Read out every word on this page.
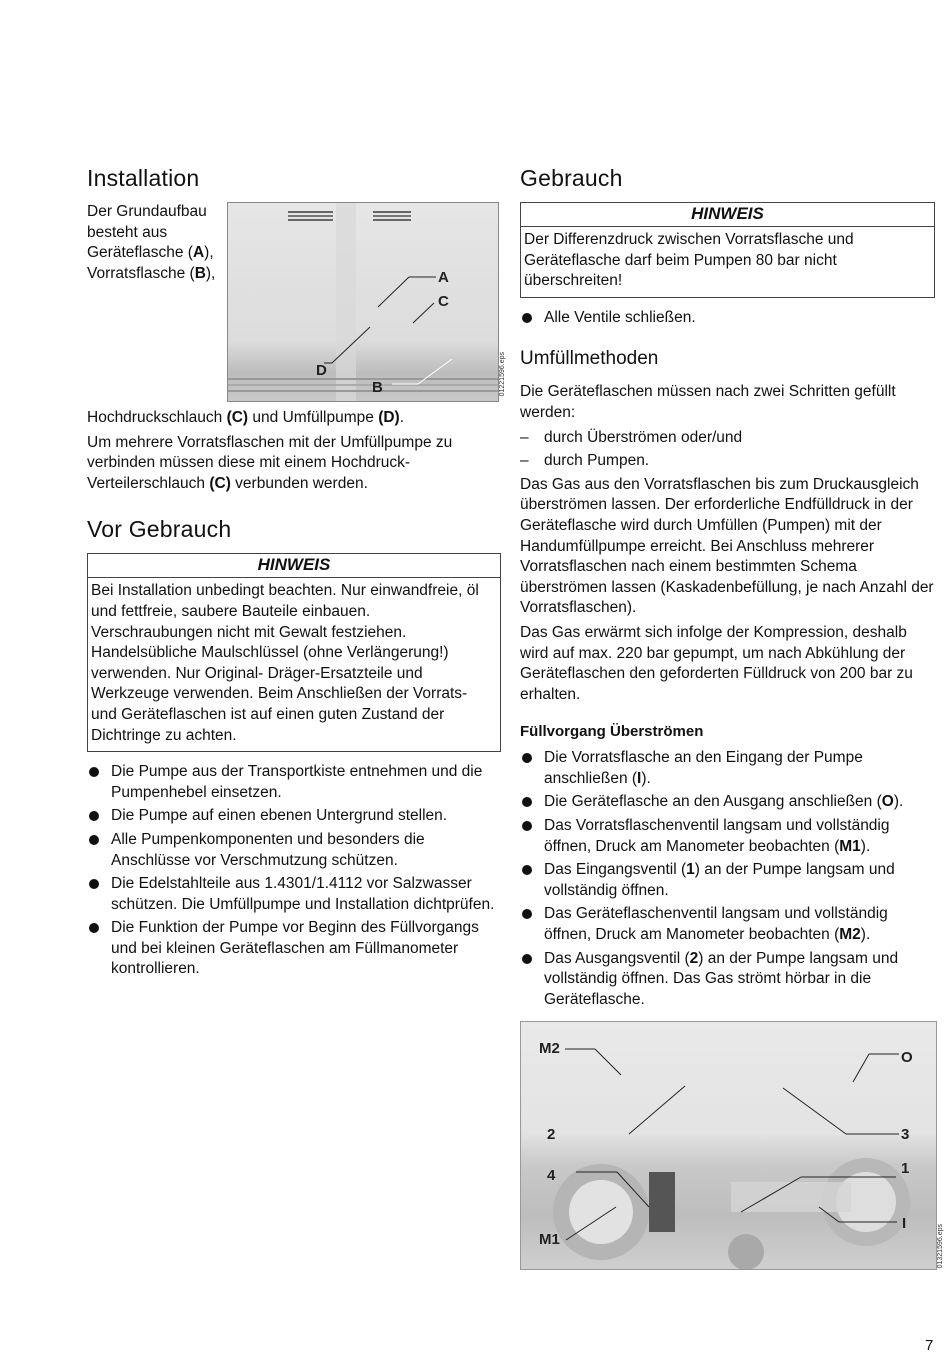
Installation
A
C
D
B	01221596.eps

Der Grundaufbau besteht aus Geräteflasche (A), Vorratsflasche (B), Hochdruckschlauch (C) und Umfüllpumpe (D).

Um mehrere Vorratsflaschen mit der Umfüllpumpe zu verbinden müssen diese mit einem Hochdruck-Verteilerschlauch (C) verbunden werden.

Vor Gebrauch
HINWEIS
Bei Installation unbedingt beachten. Nur einwandfreie, öl und fettfreie, saubere Bauteile einbauen. Verschraubungen nicht mit Gewalt festziehen. Handelsübliche Maulschlüssel (ohne Verlängerung!) verwenden. Nur Original- Dräger-Ersatzteile und Werkzeuge verwenden. Beim Anschließen der Vorrats- und Geräteflaschen ist auf einen guten Zustand der Dichtringe zu achten.
Die Pumpe aus der Transportkiste entnehmen und die Pumpenhebel einsetzen.
Die Pumpe auf einen ebenen Untergrund stellen.
Alle Pumpenkomponenten und besonders die Anschlüsse vor Verschmutzung schützen.
Die Edelstahlteile aus 1.4301/1.4112 vor Salzwasser schützen. Die Umfüllpumpe und Installation dichtprüfen.
Die Funktion der Pumpe vor Beginn des Füllvorgangs und bei kleinen Geräteflaschen am Füllmanometer kontrollieren.
Gebrauch
HINWEIS
Der Differenzdruck zwischen Vorratsflasche und Geräteflasche darf beim Pumpen 80 bar nicht überschreiten!
Alle Ventile schließen.
Umfüllmethoden

Die Geräteflaschen müssen nach zwei Schritten gefüllt werden:

– durch Überströmen oder/und
– durch Pumpen.

Das Gas aus den Vorratsflaschen bis zum Druckausgleich überströmen lassen. Der erforderliche Endfülldruck in der Geräteflasche wird durch Umfüllen (Pumpen) mit der Handumfüllpumpe erreicht. Bei Anschluss mehrerer Vorratsflaschen nach einem bestimmten Schema überströmen lassen (Kaskadenbefüllung, je nach Anzahl der Vorratsflaschen).

Das Gas erwärmt sich infolge der Kompression, deshalb wird auf max. 220 bar gepumpt, um nach Abkühlung der Geräteflaschen den geforderten Fülldruck von 200 bar zu erhalten.

Füllvorgang Überströmen
Die Vorratsflasche an den Eingang der Pumpe anschließen (I).
Die Geräteflasche an den Ausgang anschließen (O).
Das Vorratsflaschenventil langsam und vollständig öffnen, Druck am Manometer beobachten (M1).
Das Eingangsventil (1) an der Pumpe langsam und vollständig öffnen.
Das Geräteflaschenventil langsam und vollständig öffnen, Druck am Manometer beobachten (M2).
Das Ausgangsventil (2) an der Pumpe langsam und vollständig öffnen. Das Gas strömt hörbar in die Geräteflasche.
M2
O
2	3
4	1
I
M1	01321596.eps
7
